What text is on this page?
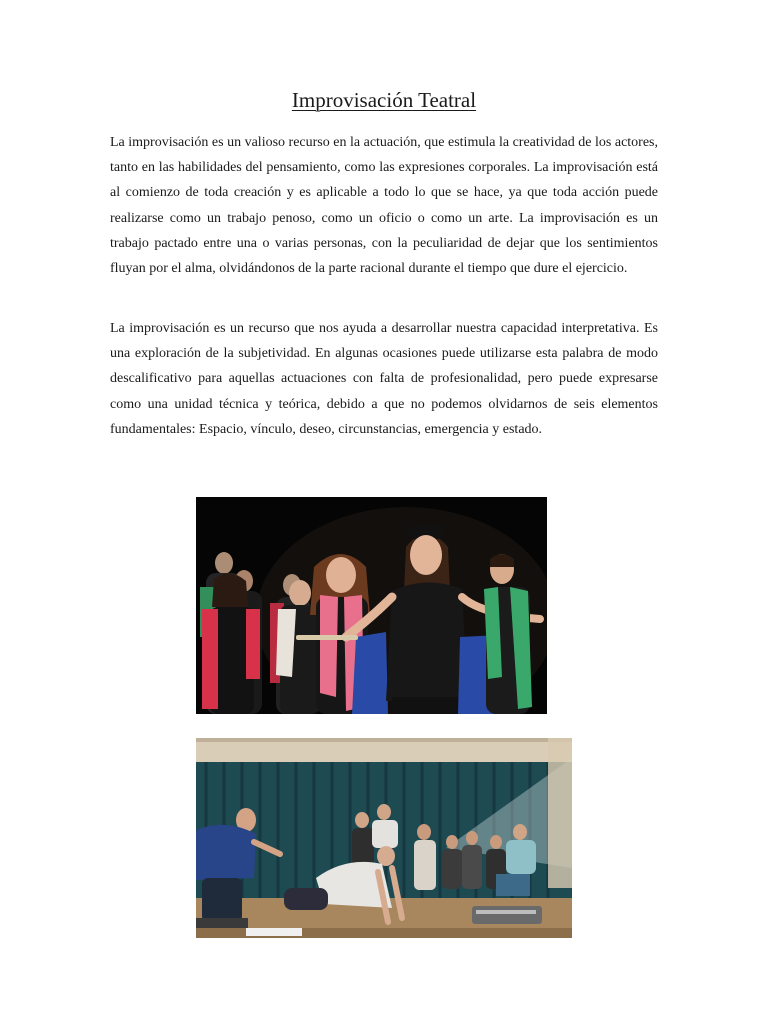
Improvisación Teatral

La improvisación es un valioso recurso en la actuación, que estimula la creatividad de los actores, tanto en las habilidades del pensamiento, como las expresiones corporales. La improvisación está al comienzo de toda creación y es aplicable a todo lo que se hace, ya que toda acción puede realizarse como un trabajo penoso, como un oficio o como un arte. La improvisación es un trabajo pactado entre una o varias personas, con la peculiaridad de dejar que los sentimientos fluyan por el alma, olvidándonos de la parte racional durante el tiempo que dure el ejercicio.

La improvisación es un recurso que nos ayuda a desarrollar nuestra capacidad interpretativa. Es una exploración de la subjetividad. En algunas ocasiones puede utilizarse esta palabra de modo descalificativo para aquellas actuaciones con falta de profesionalidad, pero puede expresarse como una unidad técnica y teórica, debido a que no podemos olvidarnos de seis elementos fundamentales: Espacio, vínculo, deseo, circunstancias, emergencia y estado.
